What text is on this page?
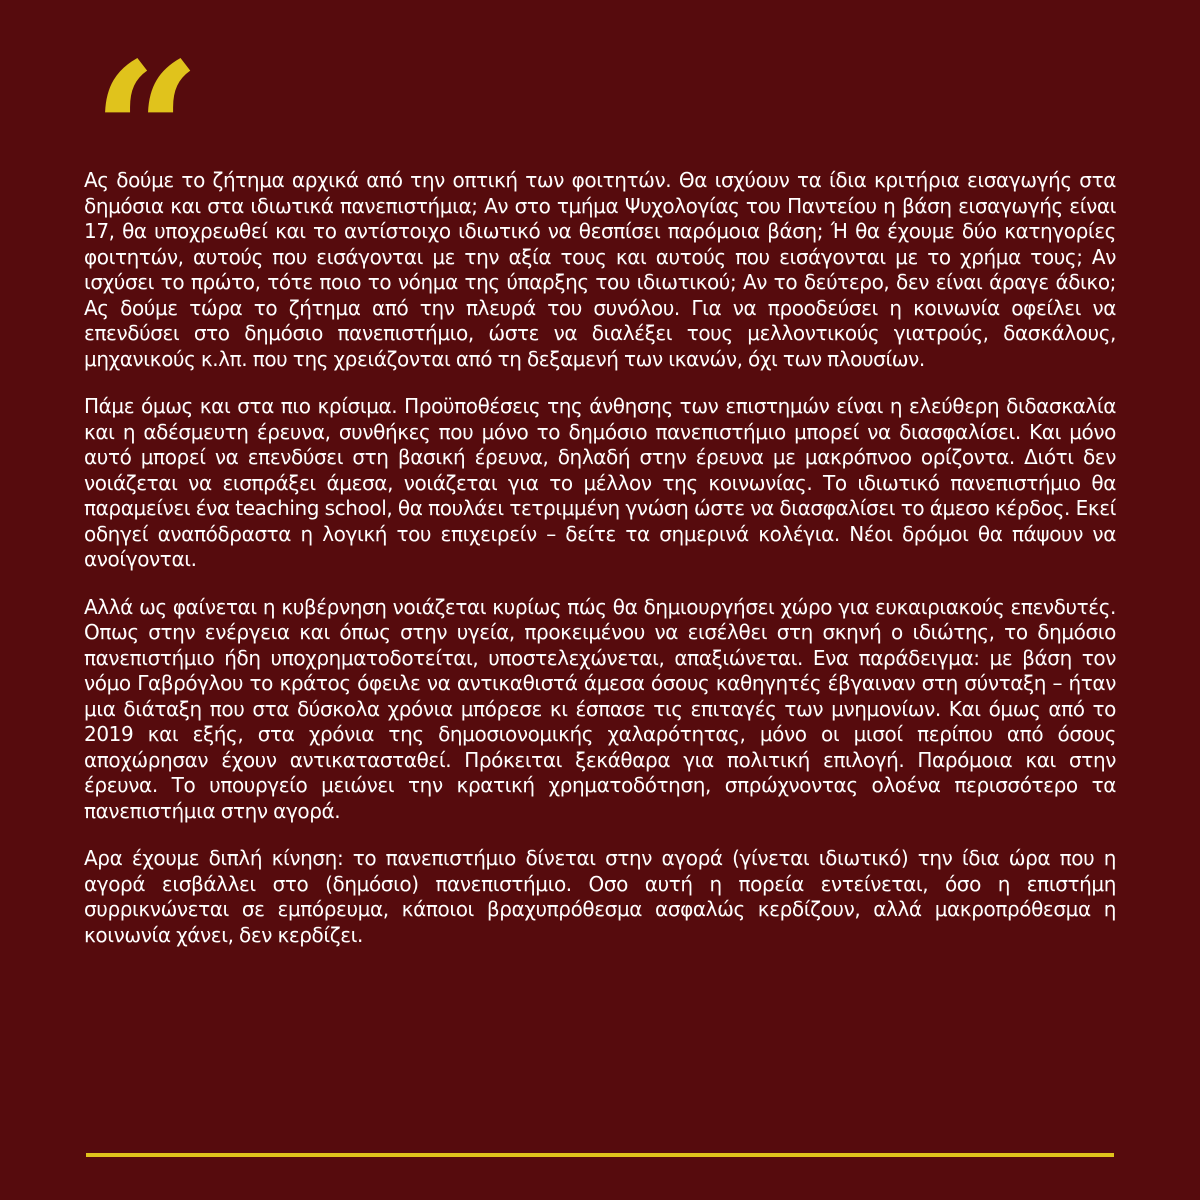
“

Ας δούμε το ζήτημα αρχικά από την οπτική των φοιτητών. Θα ισχύουν τα ίδια κριτήρια εισαγωγής στα δημόσια και στα ιδιωτικά πανεπιστήμια; Αν στο τμήμα Ψυχολογίας του Παντείου η βάση εισαγωγής είναι 17, θα υποχρεωθεί και το αντίστοιχο ιδιωτικό να θεσπίσει παρόμοια βάση; Ή θα έχουμε δύο κατηγορίες φοιτητών, αυτούς που εισάγονται με την αξία τους και αυτούς που εισάγονται με το χρήμα τους; Αν ισχύσει το πρώτο, τότε ποιο το νόημα της ύπαρξης του ιδιωτικού; Αν το δεύτερο, δεν είναι άραγε άδικο; Ας δούμε τώρα το ζήτημα από την πλευρά του συνόλου. Για να προοδεύσει η κοινωνία οφείλει να επενδύσει στο δημόσιο πανεπιστήμιο, ώστε να διαλέξει τους μελλοντικούς γιατρούς, δασκάλους, μηχανικούς κ.λπ. που της χρειάζονται από τη δεξαμενή των ικανών, όχι των πλουσίων.

Πάμε όμως και στα πιο κρίσιμα. Προϋποθέσεις της άνθησης των επιστημών είναι η ελεύθερη διδασκαλία και η αδέσμευτη έρευνα, συνθήκες που μόνο το δημόσιο πανεπιστήμιο μπορεί να διασφαλίσει. Και μόνο αυτό μπορεί να επενδύσει στη βασική έρευνα, δηλαδή στην έρευνα με μακρόπνοο ορίζοντα. Διότι δεν νοιάζεται να εισπράξει άμεσα, νοιάζεται για το μέλλον της κοινωνίας. Το ιδιωτικό πανεπιστήμιο θα παραμείνει ένα teaching school, θα πουλάει τετριμμένη γνώση ώστε να διασφαλίσει το άμεσο κέρδος. Εκεί οδηγεί αναπόδραστα η λογική του επιχειρείν – δείτε τα σημερινά κολέγια. Νέοι δρόμοι θα πάψουν να ανοίγονται.

Αλλά ως φαίνεται η κυβέρνηση νοιάζεται κυρίως πώς θα δημιουργήσει χώρο για ευκαιριακούς επενδυτές. Οπως στην ενέργεια και όπως στην υγεία, προκειμένου να εισέλθει στη σκηνή ο ιδιώτης, το δημόσιο πανεπιστήμιο ήδη υποχρηματοδοτείται, υποστελεχώνεται, απαξιώνεται. Ενα παράδειγμα: με βάση τον νόμο Γαβρόγλου το κράτος όφειλε να αντικαθιστά άμεσα όσους καθηγητές έβγαιναν στη σύνταξη – ήταν μια διάταξη που στα δύσκολα χρόνια μπόρεσε κι έσπασε τις επιταγές των μνημονίων. Και όμως από το 2019 και εξής, στα χρόνια της δημοσιονομικής χαλαρότητας, μόνο οι μισοί περίπου από όσους αποχώρησαν έχουν αντικατασταθεί. Πρόκειται ξεκάθαρα για πολιτική επιλογή. Παρόμοια και στην έρευνα. Το υπουργείο μειώνει την κρατική χρηματοδότηση, σπρώχνοντας ολοένα περισσότερο τα πανεπιστήμια στην αγορά.

Αρα έχουμε διπλή κίνηση: το πανεπιστήμιο δίνεται στην αγορά (γίνεται ιδιωτικό) την ίδια ώρα που η αγορά εισβάλλει στο (δημόσιο) πανεπιστήμιο. Οσο αυτή η πορεία εντείνεται, όσο η επιστήμη συρρικνώνεται σε εμπόρευμα, κάποιοι βραχυπρόθεσμα ασφαλώς κερδίζουν, αλλά μακροπρόθεσμα η κοινωνία χάνει, δεν κερδίζει.
